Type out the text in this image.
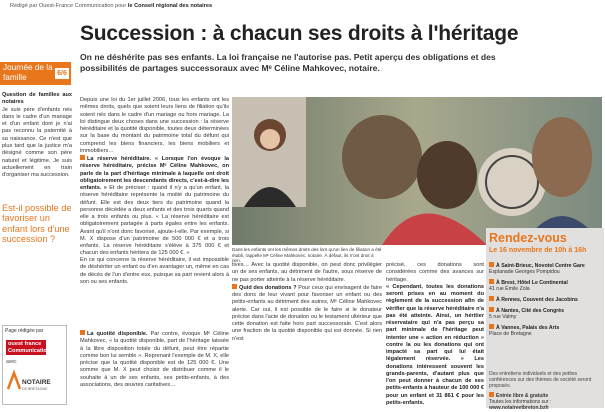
Rédigé par Ouest-France Communication pour le Conseil régional des notaires
Journée de la famille	6/6
Question de familles aux notaires
Je suis père d'enfants nés dans le cadre d'un mariage et d'un enfant dont je n'ai pas reconnu la paternité à sa naissance. Ce n'est que plus tard que la justice m'a désigné comme son père naturel et légitime. Je suis actuellement en train d'organiser ma succession.
Est-il possible de favoriser un enfant lors d'une succession ?
Page rédigée par
ouest france Communication
avec
NOTAIRE
DE BRETAGNE
Succession : à chacun ses droits à l'héritage
On ne déshérite pas ses enfants. La loi française ne l'autorise pas. Petit aperçu des obligations et des possibilités de partages successoraux avec Mᵉ Céline Mahkovec, notaire.
Depuis une loi du 1er juillet 2006, tous les enfants ont les mêmes droits, quels que soient leurs liens de filiation qu'ils soient nés dans le cadre d'un mariage ou hors mariage. La loi distingue deux choses dans une succession : la réserve héréditaire et la quotité disponible, toutes deux déterminées sur la base du montant du patrimoine total du défunt qui comprend les biens financiers, les biens mobiliers et immobiliers…
La réserve héréditaire. « Lorsque l'on évoque la réserve héréditaire, précise Mᵉ Céline Mahkovec, on parle de la part d'héritage minimale à laquelle ont droit obligatoirement les descendants directs, c'est-à-dire les enfants. » Et de préciser : quand il n'y a qu'un enfant, la réserve héréditaire représente la moitié du patrimoine du défunt. Elle est des deux tiers du patrimoine quand la personne décédée a deux enfants et des trois quarts quand elle a trois enfants ou plus. « La réserve héréditaire est obligatoirement partagée à parts égales entre les enfants. Avant qu'il n'ont donc favorisé, ajoute-t-elle. Par exemple, si M. X dispose d'un patrimoine de 500 000 € et a trois enfants. La réserve héréditaire s'élève à 375 000 € et chacun des enfants héritera de 125 000 €. »
En ce qui concerne la réserve héréditaire, il est impossible de déshériter un enfant ou d'en avantager un, même en cas de décès de l'un d'entre eux, puisque sa part revient alors à son ou ses enfants.
La quotité disponible. Par contre, évoque Mᵉ Céline Mahkovec, « la quotité disponible, part de l'héritage laissée à la libre disposition totale du défunt, peut être répartie comme bon lui semble ». Reprenant l'exemple de M. X, elle précise que la quotité disponible est de 125 000 €. Une somme que M. X peut choisir de distribuer comme il le souhaite à un de ses enfants, ses petits-enfants, à des associations, des œuvres caritatives…
Dans les enfants ont les mêmes droits des lors qu'un lien de filiation a été établi, rappelle Mᵉ Céline Mahkovec, notaire. À défaut, ils n'ont droit à rien.
tives… Avec la quotité disponible, on peut donc privilégier un de ses enfants, au détriment de l'autre, sous réserve de ne pas porter atteinte à la réserve héréditaire.
Quid des donations ? Pour ceux qui envisagent de faire des dons de leur vivant pour favoriser un enfant ou des petits-enfants au détriment des autres, Mᵉ Céline Mahkovec alerte. Car oui, il est possible de le faire si le donateur précise dans l'acte de donation ou le testament ultérieur que cette donation est faite hors part successorale. C'est alors une fraction de la quotité disponible qui est donnée. Si rien n'est
précisé, ces donations sont considérées comme des avances sur héritage.
« Cependant, toutes les donations seront prises en au moment du règlement de la succession afin de vérifier que la réserve héréditaire n'a pas été atteinte. Ainsi, un héritier réservataire qui n'a pas perçu sa part minimale de l'héritage peut intenter une « action en réduction » contre la ou les donations qui ont impacté sa part qui lui était légalement réservée. » Les donations intéressent souvent les grands-parents, d'autant plus que l'on peut donner à chacun de ses petits-enfants à hauteur de 100 000 € pour un enfant et 31 861 € pour les petits-enfants.
Rendez-vous
Le 16 novembre de 10h à 16h
À Saint-Brieuc, Novotel Centre Gare
Esplanade Georges Pompidou
À Brest, Hôtel Le Continental
41 rue Émile Zola
À Rennes, Couvent des Jacobins
À Nantes, Cité des Congrès
5 rue Valmy
À Vannes, Palais des Arts
Place de Bretagne
Des entretiens individuels et des petites conférences sur des thèmes de société seront proposés.
Entrée libre & gratuite
Toutes les informations sur :
www.notaireetbreton.bzh
